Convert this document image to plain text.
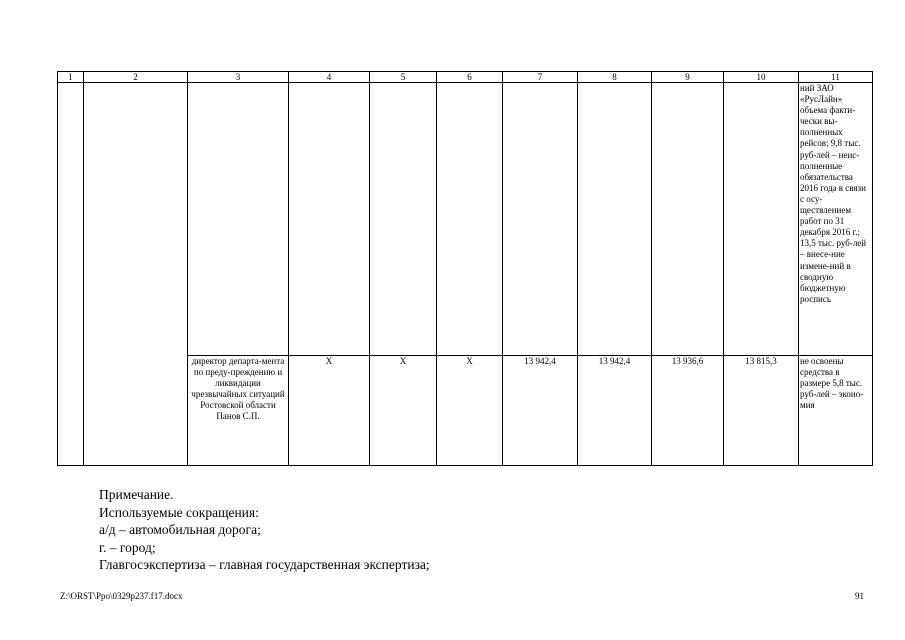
1	2	3	4	5	6	7	8	9	10	11
										ний ЗАО «РусЛайн» объема факти-чески вы-полненных рейсов; 9,8 тыс. руб-лей – неис-полненные обязательства 2016 года в связи с осу-ществлением работ по 31 декабря 2016 г.; 13,5 тыс. руб-лей – внесе-ние измене-ний в сводную бюджетную роспись
		директор департа-мента по преду-преждению и ликвидации чрезвычайных ситуаций Ростовской области Панов С.П.	X	X	X	13 942,4	13 942,4	13 936,6	13 815,3	не освоены средства в размере 5,8 тыс. руб-лей – эконо-мия
Примечание.
Используемые сокращения:
а/д – автомобильная дорога;
г. – город;
Главгосэкспертиза – главная государственная экспертиза;
Z:\ORST\Ppo\0329p237.f17.docx	91
